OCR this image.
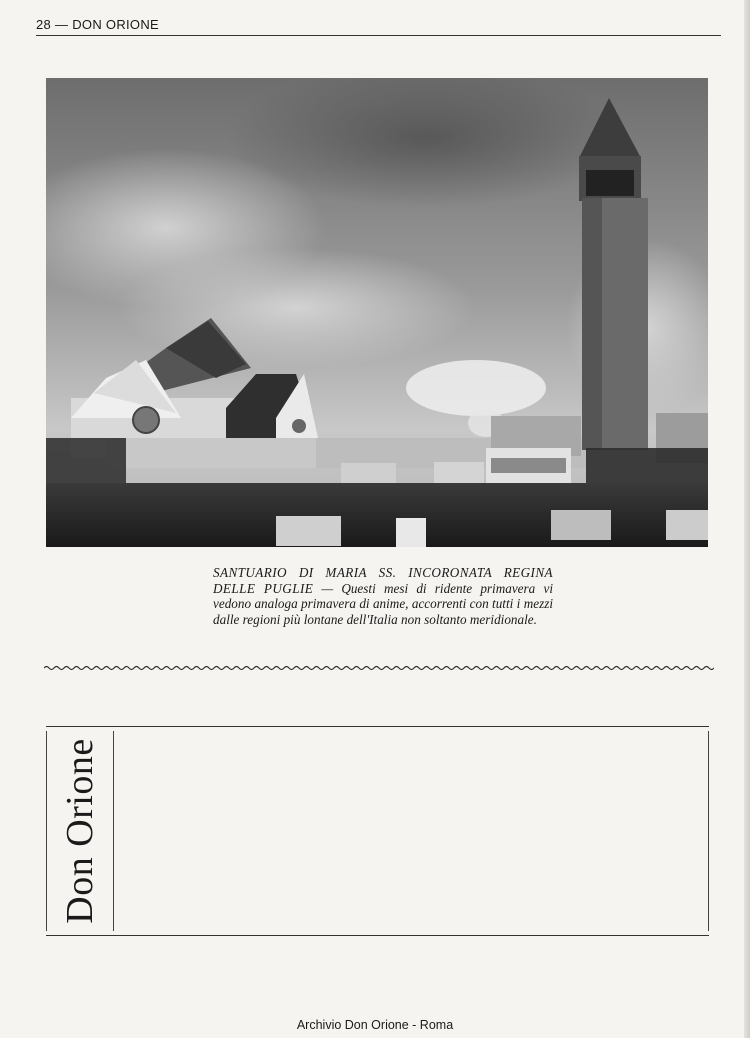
28 — DON ORIONE
SANTUARIO DI MARIA SS. INCORONATA REGINA DELLE PUGLIE — Questi mesi di ridente primavera vi vedono analoga primavera di anime, accorrenti con tutti i mezzi dalle regioni più lontane dell'Italia non soltanto meridionale.
Don Orione
Archivio Don Orione - Roma
